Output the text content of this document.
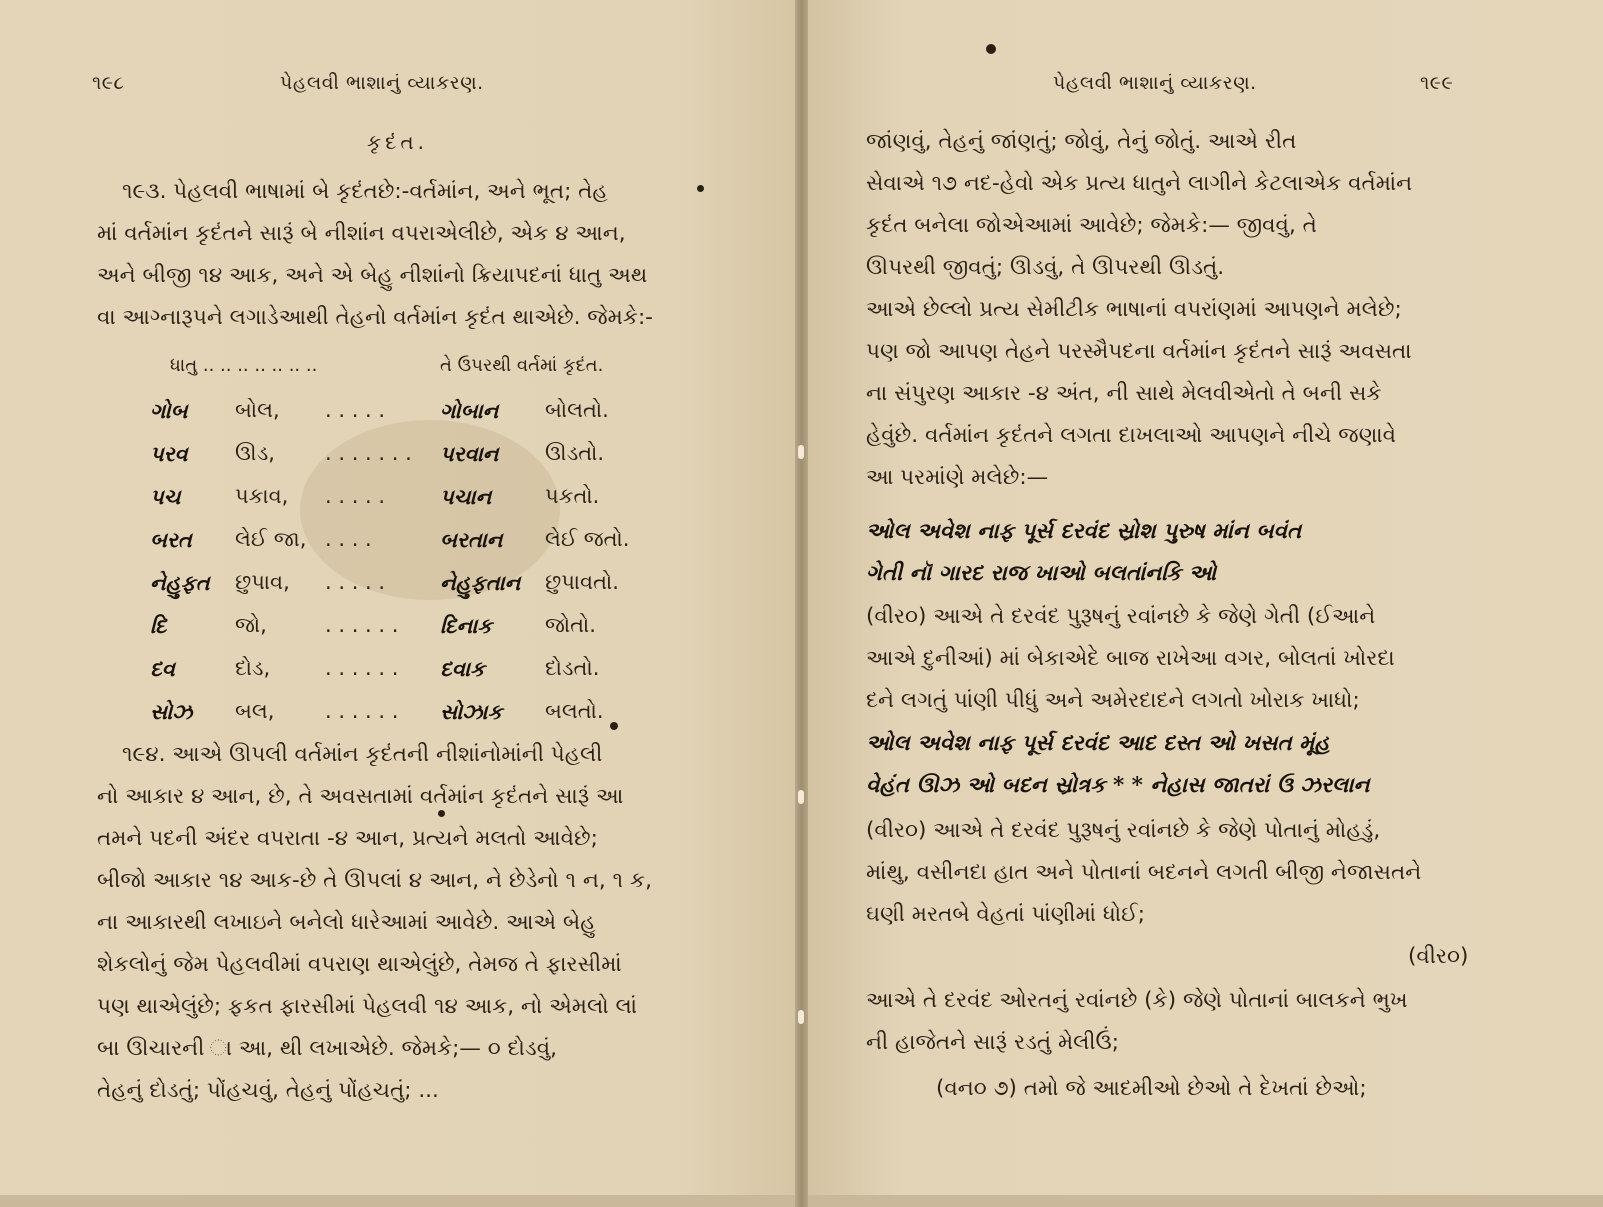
૧૯૮	પેહલવી ભાશાનું વ્યાકરણ.
કૃદંત.
૧૯૩. પેહલવી ભાષામાં બે કૃદંતછે:-વર્તમાંન, અને ભૂત; તેહ
માં વર્તમાંન કૃદંતને સારૂં બે નીશાંન વપરાએલીછે, એક ૪ આન,
અને બીજી ૧૪ આક, અને એ બેહુ નીશાંનો ક્રિયાપદનાં ધાતુ અથ
વા આગ્નારૂપને લગાડેઆથી તેહનો વર્તમાંન કૃદંત થાએછે. જેમકે:-
ધાતુ .. .. .. .. .. .. ..	તે ઉપરથી વર્તમાં કૃદંત.
ગોબ બોલ, . . . . .	ગોબાન બોલતો.
પરવ ઊડ, . . . . . . . પરવાન ઊડતો.
પચ	પકાવ, . . . . .	પચાન	પકતો.
બરત લેઈ જા, . . . .	બરતાન લેઈ જતો.
નેહુફત છુપાવ, . . . . .	નેહુફતાન છુપાવતો.
દિ	જો,	. . . . . . દિનાક	જોતો.
દવ	દોડ,	. . . . . . દવાક	દોડતો.
સોઝ બલ, . . . . . . સોઝાક બલતો.
૧૯૪. આએ ઊપલી વર્તમાંન કૃદંતની નીશાંનોમાંની પેહલી
નો આકાર ૪ આન, છે, તે અવસતામાં વર્તમાંન કૃદંતને સારૂં આ
તમને પદની અંદર વપરાતા -૪ આન, પ્રત્યને મલતો આવેછે;
બીજો આકાર ૧૪ આક-છે તે ઊપલાં ૪ આન, ને છેડેનો ૧ ન, ૧ ક,
ના આકારથી લખાઇને બનેલો ધારેઆમાં આવેછે. આએ બેહુ
શેકલોનું જેમ પેહલવીમાં વપરાણ થાએલુંછે, તેમજ તે ફારસીમાં
પણ થાએલુંછે; ફકત ફારસીમાં પેહલવી ૧૪ આક, નો એમલો લાં
બા ઊચારની ા આ, થી લખાએછે. જેમકે;— ૦ દોડવું,
તેહનું દોડતું; પોંહચવું, તેહનું પોંહચતું; ...
પેહલવી ભાશાનું વ્યાકરણ.	૧૯૯
જાંણવું, તેહનું જાંણતું; જોવું, તેનું જોતું. આએ રીત
સેવાએ ૧૭ નદ-હેવો એક પ્રત્ય ધાતુને લાગીને કેટલાએક વર્તમાંન
કૃદંત બનેલા જોએઆમાં આવેછે; જેમકે:— જીવવું, તે
ઊપરથી જીવતું; ઊડવું, તે ઊપરથી ઊડતું.
આએ છેલ્લો પ્રત્ય સેમીટીક ભાષાનાં વપરાંણમાં આપણને મલેછે;
પણ જો આપણ તેહને પરસ્મૈપદના વર્તમાંન કૃદંતને સારૂં અવસતા
ના સંપુરણ આકાર -૪ અંત, ની સાથે મેલવીએતો તે બની સકે
હેવુંછે. વર્તમાંન કૃદંતને લગતા દાખલાઓ આપણને નીચે જણાવે
આ પરમાંણે મલેછે:—
ઓલ અવેશ નાફ પૂર્સ દરવંદ સ્રોશ પુરુષ માંન બવંત
ગેતી નૉ ગારદ રાજ ખાઓ બલતાંનકિ ઓ
(વીર૦) આએ તે દરવંદ પુરૂષનું રવાંનછે કે જેણે ગેતી (ઈઆને
આએ દુનીઆં) માં બેકાએદે બાજ રાખેઆ વગર, બોલતાં ખોરદા
દને લગતું પાંણી પીધું અને અમેરદાદને લગતો ખોરાક ખાધો;
ઓલ અવેશ નાફ પૂર્સ દરવંદ આદ દસ્ત ઓ ખસત મૂંહ
વેહંત ઊઝ ઓ બદન સ્રોત્રક * * નેહાસ જાતરાં ઉ ઝરલાન
(વીર૦) આએ તે દરવંદ પુરૂષનું રવાંનછે કે જેણે પોતાનું મોહડું,
માંથુ, વસીનદા હાત અને પોતાનાં બદનને લગતી બીજી નેજાસતને
ઘણી મરતબે વેહતાં પાંણીમાં ધોઈ;
(વીર૦)
આએ તે દરવંદ ઓરતનું રવાંનછે (કે) જેણે પોતાનાં બાલકને ભુખ
ની હાજેતને સારૂં રડતું મેલીઉં;
(વન૦ ૭) તમો જે આદમીઓ છેઓ તે દેખતાં છેઓ;
